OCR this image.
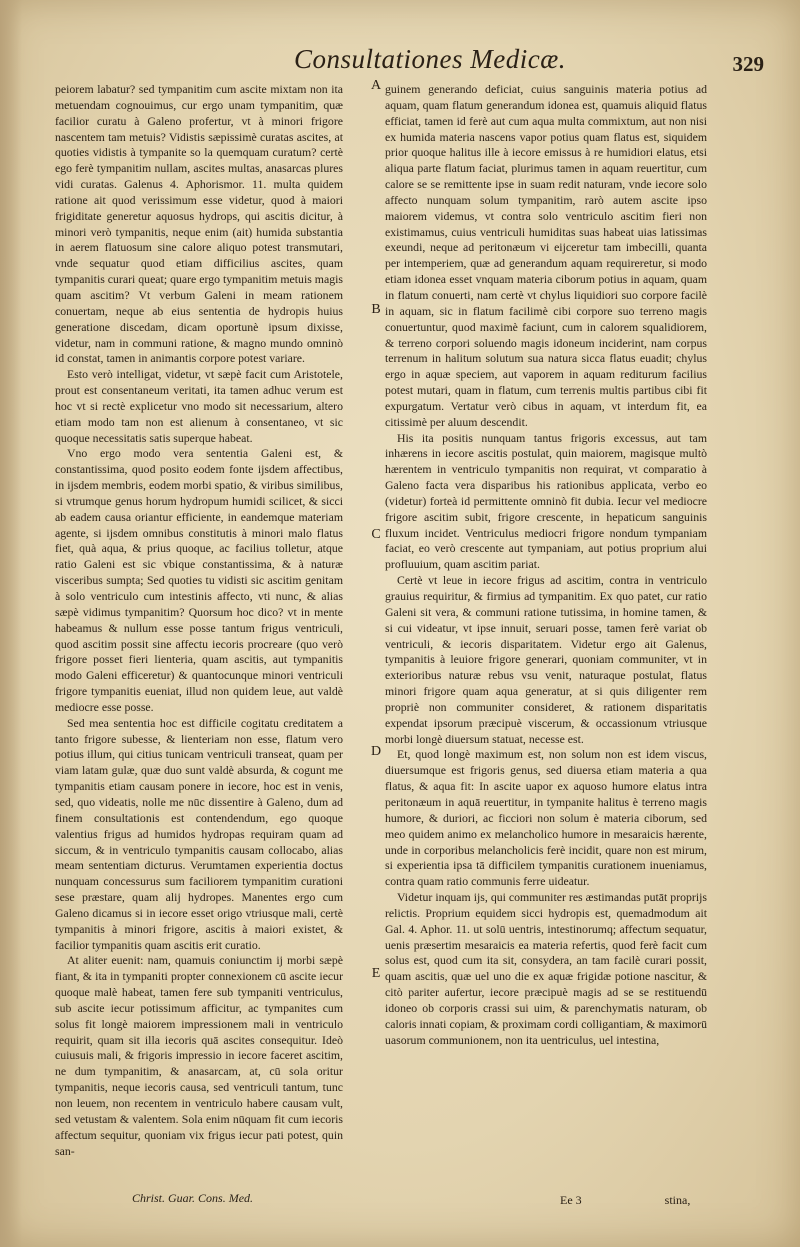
Consultationes Medicæ.	329

peiorem labatur? sed tympanitim cum ascite mixtam non ita metuendam cognouimus, cur ergo unam tympanitim, quæ facilior curatu à Galeno profertur, vt à minori frigore nascentem tam metuis? Vidistis sæpissimè curatas ascites, at quoties vidistis à tympanite so la quemquam curatum? certè ego ferè tympanitim nullam, ascites multas, anasarcas plures vidi curatas. Galenus 4. Aphorismor. 11. multa quidem ratione ait quod verissimum esse videtur, quod à maiori frigiditate generetur aquosus hydrops, qui ascitis dicitur, à minori verò tympanitis, neque enim (ait) humida substantia in aerem flatuosum sine calore aliquo potest transmutari, vnde sequatur quod etiam difficilius ascites, quam tympanitis curari queat; quare ergo tympanitim metuis magis quam ascitim? Vt verbum Galeni in meam rationem conuertam, neque ab eius sententia de hydropis huius generatione discedam, dicam oportunè ipsum dixisse, videtur, nam in communi ratione, & magno mundo omninò id constat, tamen in animantis corpore potest variare.

Esto verò intelligat, videtur, vt sæpè facit cum Aristotele, prout est consentaneum veritati, ita tamen adhuc verum est hoc vt si rectè explicetur vno modo sit necessarium, altero etiam modo tam non est alienum à consentaneo, vt sic quoque necessitatis satis superque habeat.

Vno ergo modo vera sententia Galeni est, & constantissima, quod posito eodem fonte ijsdem affectibus, in ijsdem membris, eodem morbi spatio, & viribus similibus, si vtrumque genus horum hydropum humidi scilicet, & sicci ab eadem causa oriantur efficiente, in eandemque materiam agente, si ijsdem omnibus constitutis à minori malo flatus fiet, quà aqua, & prius quoque, ac facilius tolletur, atque ratio Galeni est sic vbique constantissima, & à naturæ visceribus sumpta; Sed quoties tu vidisti sic ascitim genitam à solo ventriculo cum intestinis affecto, vti nunc, & alias sæpè vidimus tympanitim? Quorsum hoc dico? vt in mente habeamus & nullum esse posse tantum frigus ventriculi, quod ascitim possit sine affectu iecoris procreare (quo verò frigore posset fieri lienteria, quam ascitis, aut tympanitis modo Galeni efficeretur) & quantocunque minori ventriculi frigore tympanitis eueniat, illud non quidem leue, aut valdè mediocre esse posse.

Sed mea sententia hoc est difficile cogitatu creditatem a tanto frigore subesse, & lienteriam non esse, flatum vero potius illum, qui citius tunicam ventriculi transeat, quam per viam latam gulæ, quæ duo sunt valdè absurda, & cogunt me tympanitis etiam causam ponere in iecore, hoc est in venis, sed, quo videatis, nolle me nūc dissentire à Galeno, dum ad finem consultationis est contendendum, ego quoque valentius frigus ad humidos hydropas requiram quam ad siccum, & in ventriculo tympanitis causam collocabo, alias meam sententiam dicturus. Verumtamen experientia doctus nunquam concessurus sum faciliorem tympanitim curationi sese præstare, quam alij hydropes. Manentes ergo cum Galeno dicamus si in iecore esset origo vtriusque mali, certè tympanitis à minori frigore, ascitis à maiori existet, & facilior tympanitis quam ascitis erit curatio.

At aliter euenit: nam, quamuis coniunctim ij morbi sæpè fiant, & ita in tympaniti propter connexionem cū ascite iecur quoque malè habeat, tamen fere sub tympaniti ventriculus, sub ascite iecur potissimum afficitur, ac tympanites cum solus fit longè maiorem impressionem mali in ventriculo requirit, quam sit illa iecoris quā ascites consequitur. Ideò cuiusuis mali, & frigoris impressio in iecore faceret ascitim, ne dum tympanitim, & anasarcam, at, cū sola oritur tympanitis, neque iecoris causa, sed ventriculi tantum, tunc non leuem, non recentem in ventriculo habere causam vult, sed vetustam & valentem. Sola enim nūquam fit cum iecoris affectum sequitur, quoniam vix frigus iecur pati potest, quin san-

A
B
C
D
E

guinem generando deficiat, cuius sanguinis materia potius ad aquam, quam flatum generandum idonea est, quamuis aliquid flatus efficiat, tamen id ferè aut cum aqua multa commixtum, aut non nisi ex humida materia nascens vapor potius quam flatus est, siquidem prior quoque halitus ille à iecore emissus à re humidiori elatus, etsi aliqua parte flatum faciat, plurimus tamen in aquam reuertitur, cum calore se se remittente ipse in suam redit naturam, vnde iecore solo affecto nunquam solum tympanitim, rarò autem ascite ipso maiorem videmus, vt contra solo ventriculo ascitim fieri non existimamus, cuius ventriculi humiditas suas habeat uias latissimas exeundi, neque ad peritonæum vi eijceretur tam imbecilli, quanta per intemperiem, quæ ad generandum aquam requireretur, si modo etiam idonea esset vnquam materia ciborum potius in aquam, quam in flatum conuerti, nam certè vt chylus liquidiori suo corpore facilè in aquam, sic in flatum facilimè cibi corpore suo terreno magis conuertuntur, quod maximè faciunt, cum in calorem squalidiorem, & terreno corpori soluendo magis idoneum inciderint, nam corpus terrenum in halitum solutum sua natura sicca flatus euadit; chylus ergo in aquæ speciem, aut vaporem in aquam rediturum facilius potest mutari, quam in flatum, cum terrenis multis partibus cibi fit expurgatum. Vertatur verò cibus in aquam, vt interdum fit, ea citissimè per aluum descendit.

His ita positis nunquam tantus frigoris excessus, aut tam inhærens in iecore ascitis postulat, quin maiorem, magisque multò hærentem in ventriculo tympanitis non requirat, vt comparatio à Galeno facta vera disparibus his rationibus applicata, verbo eo (videtur) forteà id permittente omninò fit dubia. Iecur vel mediocre frigore ascitim subit, frigore crescente, in hepaticum sanguinis fluxum incidet. Ventriculus mediocri frigore nondum tympaniam faciat, eo verò crescente aut tympaniam, aut potius proprium alui profluuium, quam ascitim pariat.

Certè vt leue in iecore frigus ad ascitim, contra in ventriculo grauius requiritur, & firmius ad tympanitim. Ex quo patet, cur ratio Galeni sit vera, & communi ratione tutissima, in homine tamen, & si cui videatur, vt ipse innuit, seruari posse, tamen ferè variat ob ventriculi, & iecoris disparitatem. Videtur ergo ait Galenus, tympanitis à leuiore frigore generari, quoniam communiter, vt in exterioribus naturæ rebus vsu venit, naturaque postulat, flatus minori frigore quam aqua generatur, at si quis diligenter rem propriè non communiter consideret, & rationem disparitatis expendat ipsorum præcipuè viscerum, & occassionum vtriusque morbi longè diuersum statuat, necesse est.

Et, quod longè maximum est, non solum non est idem viscus, diuersumque est frigoris genus, sed diuersa etiam materia a qua flatus, & aqua fit: In ascite uapor ex aquoso humore elatus intra peritonæum in aquā reuertitur, in tympanite halitus è terreno magis humore, & duriori, ac ficciori non solum è materia ciborum, sed meo quidem animo ex melancholico humore in mesaraicis hærente, unde in corporibus melancholicis ferè incidit, quare non est mirum, si experientia ipsa tā difficilem tympanitis curationem inueniamus, contra quam ratio communis ferre uideatur.

Videtur inquam ijs, qui communiter res æstimandas putāt proprijs relictis. Proprium equidem sicci hydropis est, quemadmodum ait Gal. 4. Aphor. 11. ut solū uentris, intestinorumq; affectum sequatur, uenis præsertim mesaraicis ea materia refertis, quod ferè facit cum solus est, quod cum ita sit, consydera, an tam facilè curari possit, quam ascitis, quæ uel uno die ex aquæ frigidæ potione nascitur, & citò pariter aufertur, iecore præcipuè magis ad se se restituendū idoneo ob corporis crassi sui uim, & parenchymatis naturam, ob caloris innati copiam, & proximam cordi colligantiam, & maximorū uasorum communionem, non ita uentriculus, uel intestina,

Christ. Guar. Cons. Med.	Ee 3	stina,
